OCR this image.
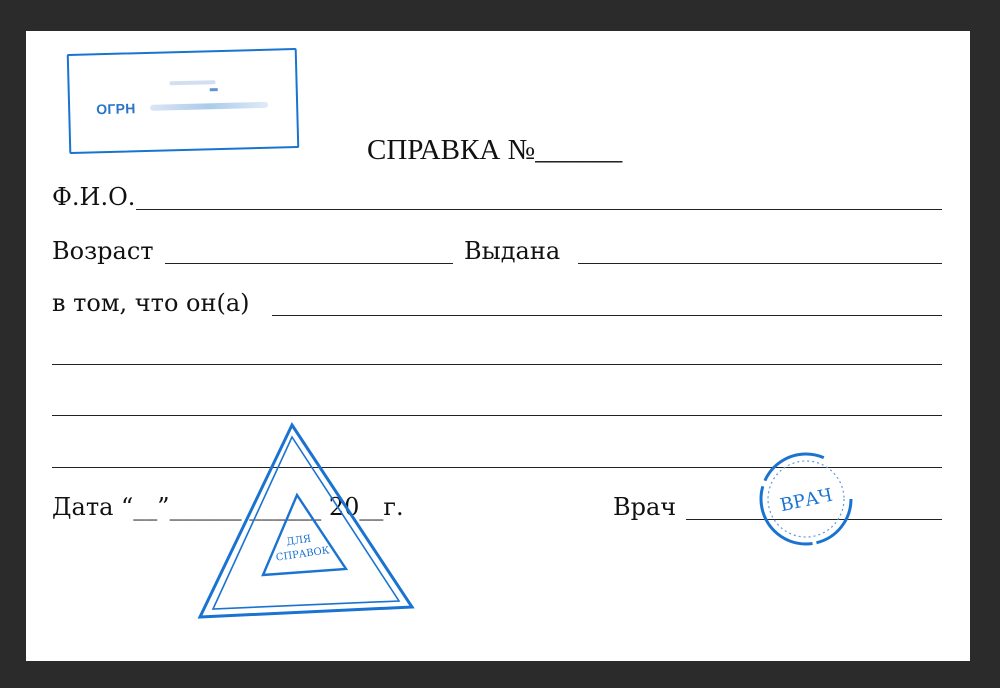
ОГРН
СПРАВКА №______
Ф.И.О.
Возраст	Выдана
в том, что он(а)
Дата “__”______ ______ 20__г.	Врач
ДЛЯ
СПРАВОК
ВРАЧ
